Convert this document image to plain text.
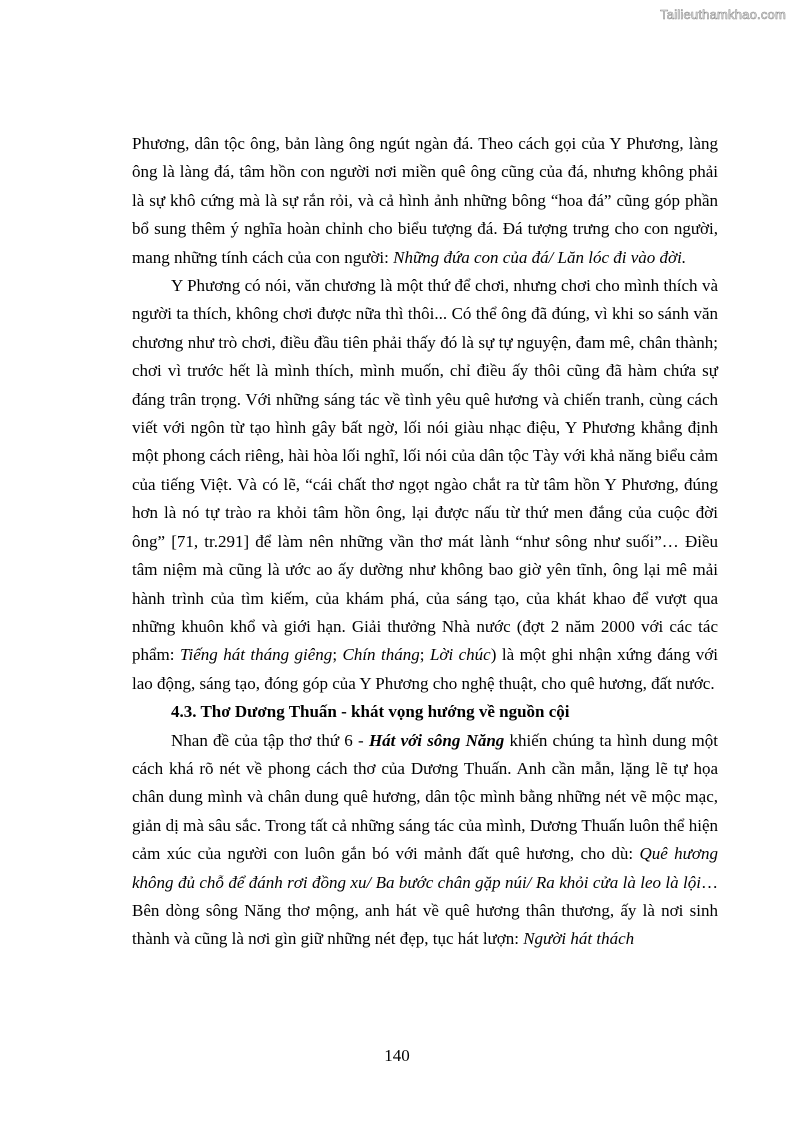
Tailieuthamkhao.com

Phương, dân tộc ông, bản làng ông ngút ngàn đá. Theo cách gọi của Y Phương, làng ông là làng đá, tâm hồn con người nơi miền quê ông cũng của đá, nhưng không phải là sự khô cứng mà là sự rắn rỏi, và cả hình ảnh những bông “hoa đá” cũng góp phần bổ sung thêm ý nghĩa hoàn chỉnh cho biểu tượng đá. Đá tượng trưng cho con người, mang những tính cách của con người: Những đứa con của đá/ Lăn lóc đi vào đời.

Y Phương có nói, văn chương là một thứ để chơi, nhưng chơi cho mình thích và người ta thích, không chơi được nữa thì thôi... Có thể ông đã đúng, vì khi so sánh văn chương như trò chơi, điều đầu tiên phải thấy đó là sự tự nguyện, đam mê, chân thành; chơi vì trước hết là mình thích, mình muốn, chỉ điều ấy thôi cũng đã hàm chứa sự đáng trân trọng. Với những sáng tác về tình yêu quê hương và chiến tranh, cùng cách viết với ngôn từ tạo hình gây bất ngờ, lối nói giàu nhạc điệu, Y Phương khẳng định một phong cách riêng, hài hòa lối nghĩ, lối nói của dân tộc Tày với khả năng biểu cảm của tiếng Việt. Và có lẽ, “cái chất thơ ngọt ngào chắt ra từ tâm hồn Y Phương, đúng hơn là nó tự trào ra khỏi tâm hồn ông, lại được nấu từ thứ men đắng của cuộc đời ông” [71, tr.291] để làm nên những vần thơ mát lành “như sông như suối”… Điều tâm niệm mà cũng là ước ao ấy dường như không bao giờ yên tĩnh, ông lại mê mải hành trình của tìm kiếm, của khám phá, của sáng tạo, của khát khao để vượt qua những khuôn khổ và giới hạn. Giải thưởng Nhà nước (đợt 2 năm 2000 với các tác phẩm: Tiếng hát tháng giêng; Chín tháng; Lời chúc) là một ghi nhận xứng đáng với lao động, sáng tạo, đóng góp của Y Phương cho nghệ thuật, cho quê hương, đất nước.

4.3. Thơ Dương Thuấn - khát vọng hướng về nguồn cội

Nhan đề của tập thơ thứ 6 - Hát với sông Năng khiến chúng ta hình dung một cách khá rõ nét về phong cách thơ của Dương Thuấn. Anh cần mẫn, lặng lẽ tự họa chân dung mình và chân dung quê hương, dân tộc mình bằng những nét vẽ mộc mạc, giản dị mà sâu sắc. Trong tất cả những sáng tác của mình, Dương Thuấn luôn thể hiện cảm xúc của người con luôn gắn bó với mảnh đất quê hương, cho dù: Quê hương không đủ chỗ để đánh rơi đồng xu/ Ba bước chân gặp núi/ Ra khỏi cửa là leo là lội… Bên dòng sông Năng thơ mộng, anh hát về quê hương thân thương, ấy là nơi sinh thành và cũng là nơi gìn giữ những nét đẹp, tục hát lượn: Người hát thách

140
